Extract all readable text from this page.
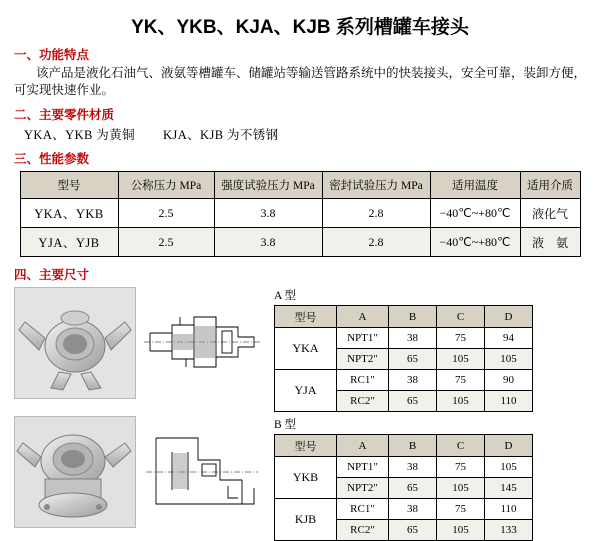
YK、YKB、KJA、KJB 系列槽罐车接头
一、功能特点
该产品是液化石油气、液氨等槽罐车、储罐站等输送管路系统中的快装接头，安全可靠，装卸方便，可实现快速作业。
二、主要零件材质
YKA、YKB 为黄铜 KJA、KJB 为不锈钢
三、性能参数
型号	公称压力 MPa	强度试验压力 MPa	密封试验压力 MPa	适用温度	适用介质
YKA、YKB	2.5	3.8	2.8	−40℃~+80℃	液化气
YJA、YJB	2.5	3.8	2.8	−40℃~+80℃	液　氨
四、主要尺寸
A 型
型号	A	B	C	D
YKA	NPT1"	38	75	94
	NPT2"	65	105	105
YJA	RC1"	38	75	90
	RC2"	65	105	110
B 型
型号	A	B	C	D
YKB	NPT1"	38	75	105
	NPT2"	65	105	145
KJB	RC1"	38	75	110
	RC2"	65	105	133
